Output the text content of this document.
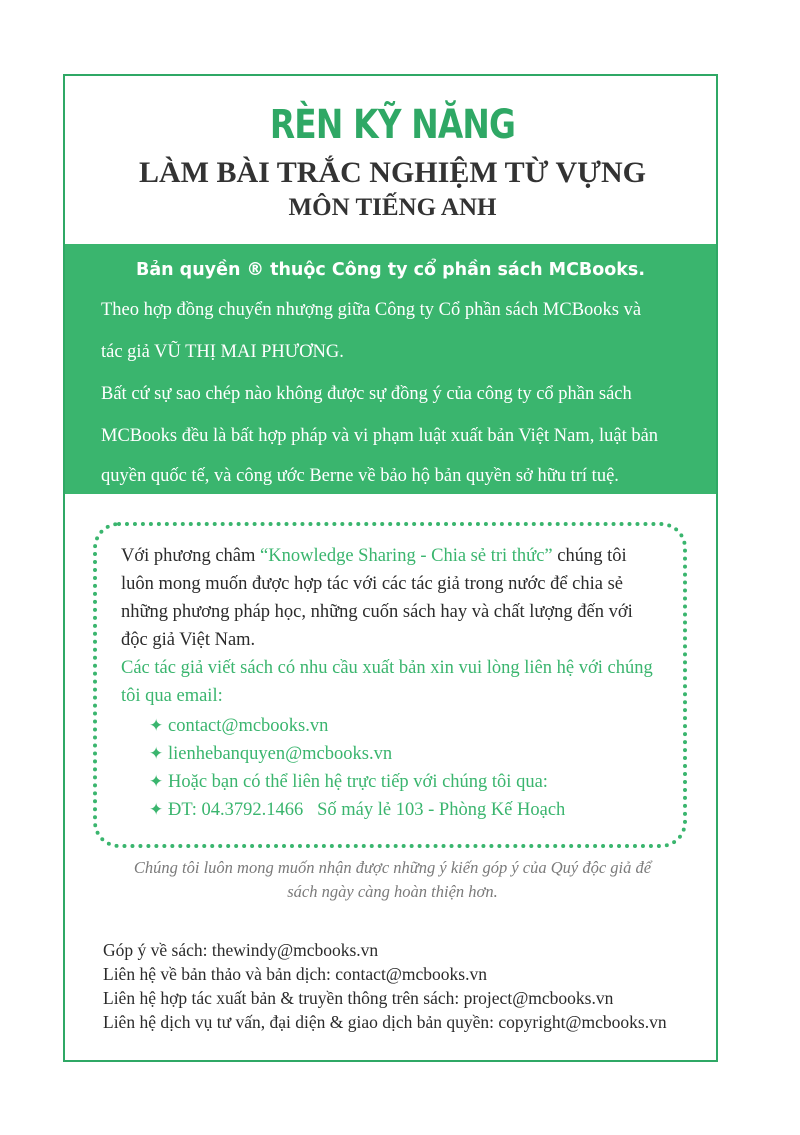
RÈN KỸ NĂNG
LÀM BÀI TRẮC NGHIỆM TỪ VỰNG
MÔN TIẾNG ANH
Bản quyền ® thuộc Công ty cổ phần sách MCBooks.
Theo hợp đồng chuyển nhượng giữa Công ty Cổ phần sách MCBooks và
tác giả VŨ THỊ MAI PHƯƠNG.
Bất cứ sự sao chép nào không được sự đồng ý của công ty cổ phần sách
MCBooks đều là bất hợp pháp và vi phạm luật xuất bản Việt Nam, luật bản
quyền quốc tế, và công ước Berne về bảo hộ bản quyền sở hữu trí tuệ.
Với phương châm “Knowledge Sharing - Chia sẻ tri thức” chúng tôi
luôn mong muốn được hợp tác với các tác giả trong nước để chia sẻ
những phương pháp học, những cuốn sách hay và chất lượng đến với
độc giả Việt Nam.
Các tác giả viết sách có nhu cầu xuất bản xin vui lòng liên hệ với chúng
tôi qua email:
✦ contact@mcbooks.vn
✦ lienhebanquyen@mcbooks.vn
✦ Hoặc bạn có thể liên hệ trực tiếp với chúng tôi qua:
✦ ĐT: 04.3792.1466   Số máy lẻ 103 - Phòng Kế Hoạch
Chúng tôi luôn mong muốn nhận được những ý kiến góp ý của Quý độc giả để
sách ngày càng hoàn thiện hơn.
Góp ý về sách: thewindy@mcbooks.vn
Liên hệ về bản thảo và bản dịch: contact@mcbooks.vn
Liên hệ hợp tác xuất bản & truyền thông trên sách: project@mcbooks.vn
Liên hệ dịch vụ tư vấn, đại diện & giao dịch bản quyền: copyright@mcbooks.vn
